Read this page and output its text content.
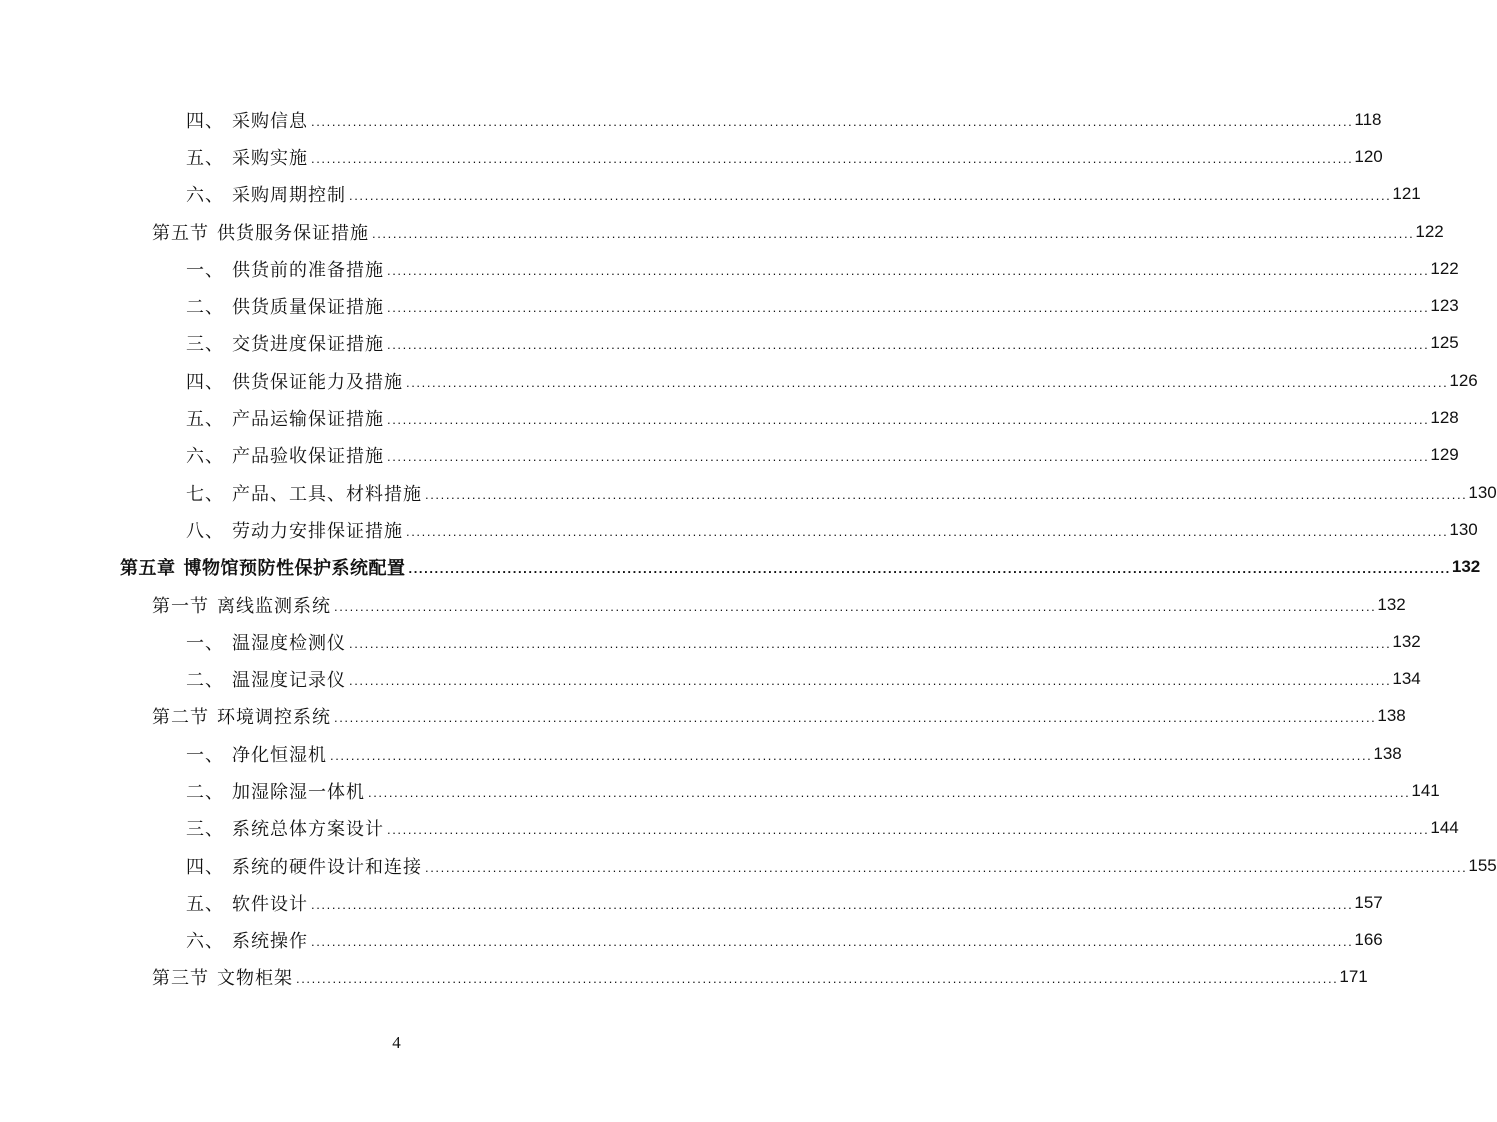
四、 采购信息 ........................................................................................................................................................................................................ 118
五、 采购实施 ........................................................................................................................................................................................................ 120
六、 采购周期控制 ........................................................................................................................................................................................................ 121
第五节 供货服务保证措施 ........................................................................................................................................................................................................ 122
一、 供货前的准备措施 ........................................................................................................................................................................................................ 122
二、 供货质量保证措施 ........................................................................................................................................................................................................ 123
三、 交货进度保证措施 ........................................................................................................................................................................................................ 125
四、 供货保证能力及措施 ........................................................................................................................................................................................................ 126
五、 产品运输保证措施 ........................................................................................................................................................................................................ 128
六、 产品验收保证措施 ........................................................................................................................................................................................................ 129
七、 产品、工具、材料措施 ........................................................................................................................................................................................................ 130
八、 劳动力安排保证措施 ........................................................................................................................................................................................................ 130
第五章 博物馆预防性保护系统配置 ........................................................................................................................................................................................................ 132
第一节 离线监测系统 ........................................................................................................................................................................................................ 132
一、 温湿度检测仪 ........................................................................................................................................................................................................ 132
二、 温湿度记录仪 ........................................................................................................................................................................................................ 134
第二节 环境调控系统 ........................................................................................................................................................................................................ 138
一、 净化恒湿机 ........................................................................................................................................................................................................ 138
二、 加湿除湿一体机 ........................................................................................................................................................................................................ 141
三、 系统总体方案设计 ........................................................................................................................................................................................................ 144
四、 系统的硬件设计和连接 ........................................................................................................................................................................................................ 155
五、 软件设计 ........................................................................................................................................................................................................ 157
六、 系统操作 ........................................................................................................................................................................................................ 166
第三节 文物柜架 ........................................................................................................................................................................................................ 171
4
